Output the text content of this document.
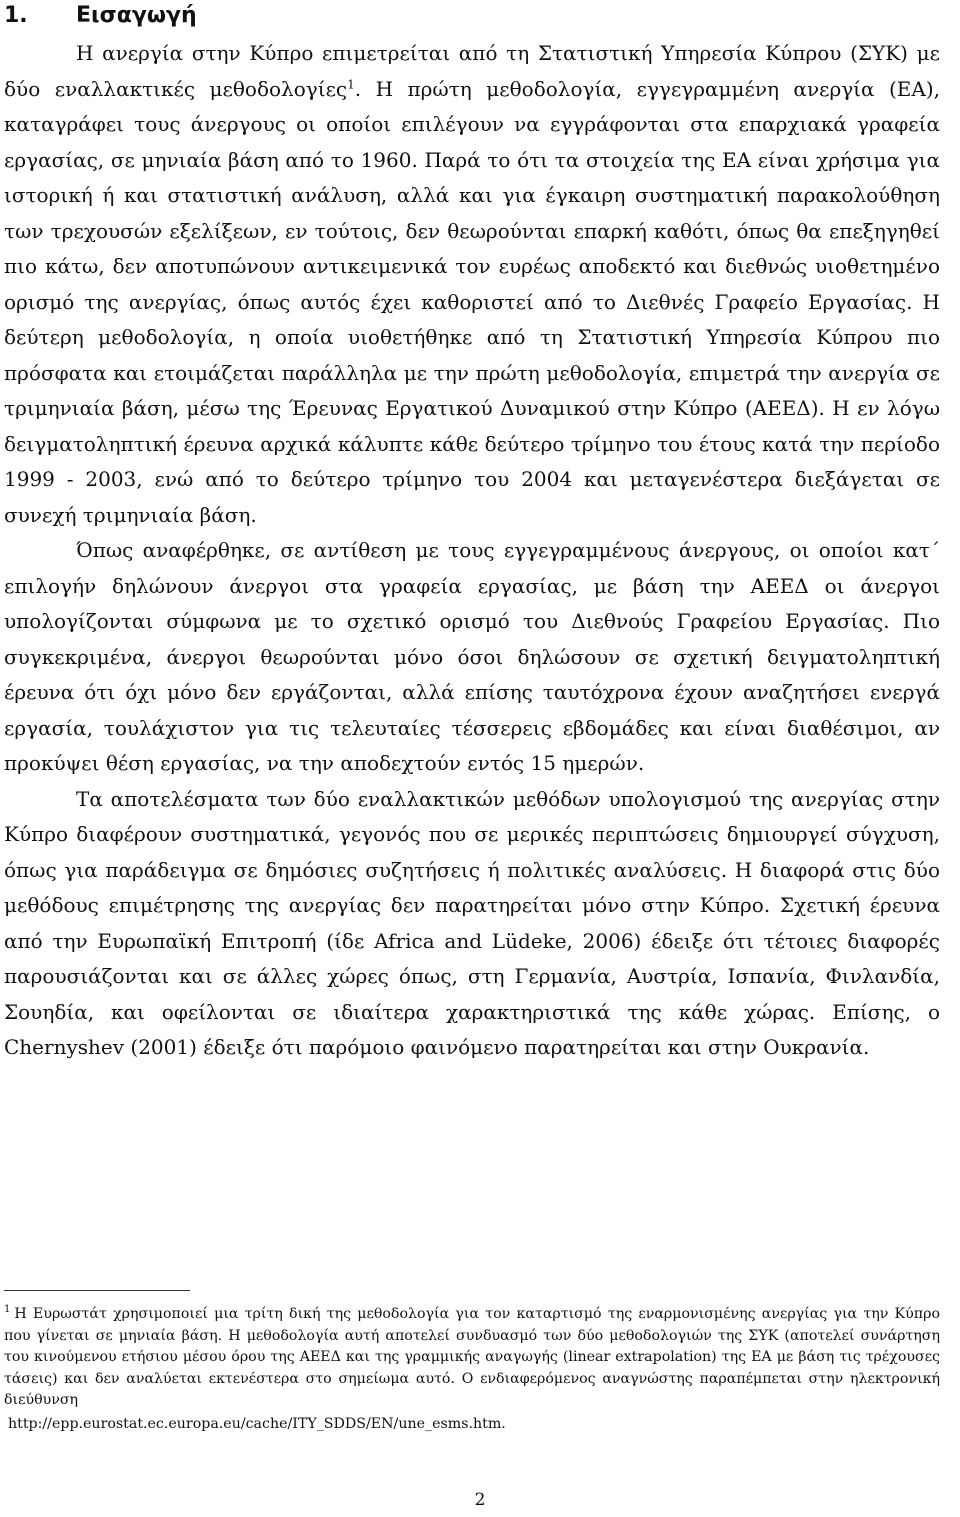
1. Εισαγωγή

Η ανεργία στην Κύπρο επιμετρείται από τη Στατιστική Υπηρεσία Κύπρου (ΣΥΚ) με δύο εναλλακτικές μεθοδολογίες$^1$. Η πρώτη μεθοδολογία, εγγεγραμμένη ανεργία (ΕΑ), καταγράφει τους άνεργους οι οποίοι επιλέγουν να εγγράφονται στα επαρχιακά γραφεία εργασίας, σε μηνιαία βάση από το 1960. Παρά το ότι τα στοιχεία της ΕΑ είναι χρήσιμα για ιστορική ή και στατιστική ανάλυση, αλλά και για έγκαιρη συστηματική παρακολούθηση των τρεχουσών εξελίξεων, εν τούτοις, δεν θεωρούνται επαρκή καθότι, όπως θα επεξηγηθεί πιο κάτω, δεν αποτυπώνουν αντικειμενικά τον ευρέως αποδεκτό και διεθνώς υιοθετημένο ορισμό της ανεργίας, όπως αυτός έχει καθοριστεί από το Διεθνές Γραφείο Εργασίας. Η δεύτερη μεθοδολογία, η οποία υιοθετήθηκε από τη Στατιστική Υπηρεσία Κύπρου πιο πρόσφατα και ετοιμάζεται παράλληλα με την πρώτη μεθοδολογία, επιμετρά την ανεργία σε τριμηνιαία βάση, μέσω της Έρευνας Εργατικού Δυναμικού στην Κύπρο (ΑΕΕΔ). Η εν λόγω δειγματοληπτική έρευνα αρχικά κάλυπτε κάθε δεύτερο τρίμηνο του έτους κατά την περίοδο 1999 - 2003, ενώ από το δεύτερο τρίμηνο του 2004 και μεταγενέστερα διεξάγεται σε συνεχή τριμηνιαία βάση.

Όπως αναφέρθηκε, σε αντίθεση με τους εγγεγραμμένους άνεργους, οι οποίοι κατ΄ επιλογήν δηλώνουν άνεργοι στα γραφεία εργασίας, με βάση την ΑΕΕΔ οι άνεργοι υπολογίζονται σύμφωνα με το σχετικό ορισμό του Διεθνούς Γραφείου Εργασίας. Πιο συγκεκριμένα, άνεργοι θεωρούνται μόνο όσοι δηλώσουν σε σχετική δειγματοληπτική έρευνα ότι όχι μόνο δεν εργάζονται, αλλά επίσης ταυτόχρονα έχουν αναζητήσει ενεργά εργασία, τουλάχιστον για τις τελευταίες τέσσερεις εβδομάδες και είναι διαθέσιμοι, αν προκύψει θέση εργασίας, να την αποδεχτούν εντός 15 ημερών.

Τα αποτελέσματα των δύο εναλλακτικών μεθόδων υπολογισμού της ανεργίας στην Κύπρο διαφέρουν συστηματικά, γεγονός που σε μερικές περιπτώσεις δημιουργεί σύγχυση, όπως για παράδειγμα σε δημόσιες συζητήσεις ή πολιτικές αναλύσεις. Η διαφορά στις δύο μεθόδους επιμέτρησης της ανεργίας δεν παρατηρείται μόνο στην Κύπρο. Σχετική έρευνα από την Ευρωπαϊκή Επιτροπή (ίδε Africa and Lüdeke, 2006) έδειξε ότι τέτοιες διαφορές παρουσιάζονται και σε άλλες χώρες όπως, στη Γερμανία, Αυστρία, Ισπανία, Φινλανδία, Σουηδία, και οφείλονται σε ιδιαίτερα χαρακτηριστικά της κάθε χώρας. Επίσης, ο Chernyshev (2001) έδειξε ότι παρόμοιο φαινόμενο παρατηρείται και στην Ουκρανία.

$^1$ Η Ευρωστάτ χρησιμοποιεί μια τρίτη δική της μεθοδολογία για τον καταρτισμό της εναρμονισμένης ανεργίας για την Κύπρο που γίνεται σε μηνιαία βάση. Η μεθοδολογία αυτή αποτελεί συνδυασμό των δύο μεθοδολογιών της ΣΥΚ (αποτελεί συνάρτηση του κινούμενου ετήσιου μέσου όρου της ΑΕΕΔ και της γραμμικής αναγωγής (linear extrapolation) της ΕΑ με βάση τις τρέχουσες τάσεις) και δεν αναλύεται εκτενέστερα στο σημείωμα αυτό. Ο ενδιαφερόμενος αναγνώστης παραπέμπεται στην ηλεκτρονική διεύθυνση

http://epp.eurostat.ec.europa.eu/cache/ITY_SDDS/EN/une_esms.htm.

2
